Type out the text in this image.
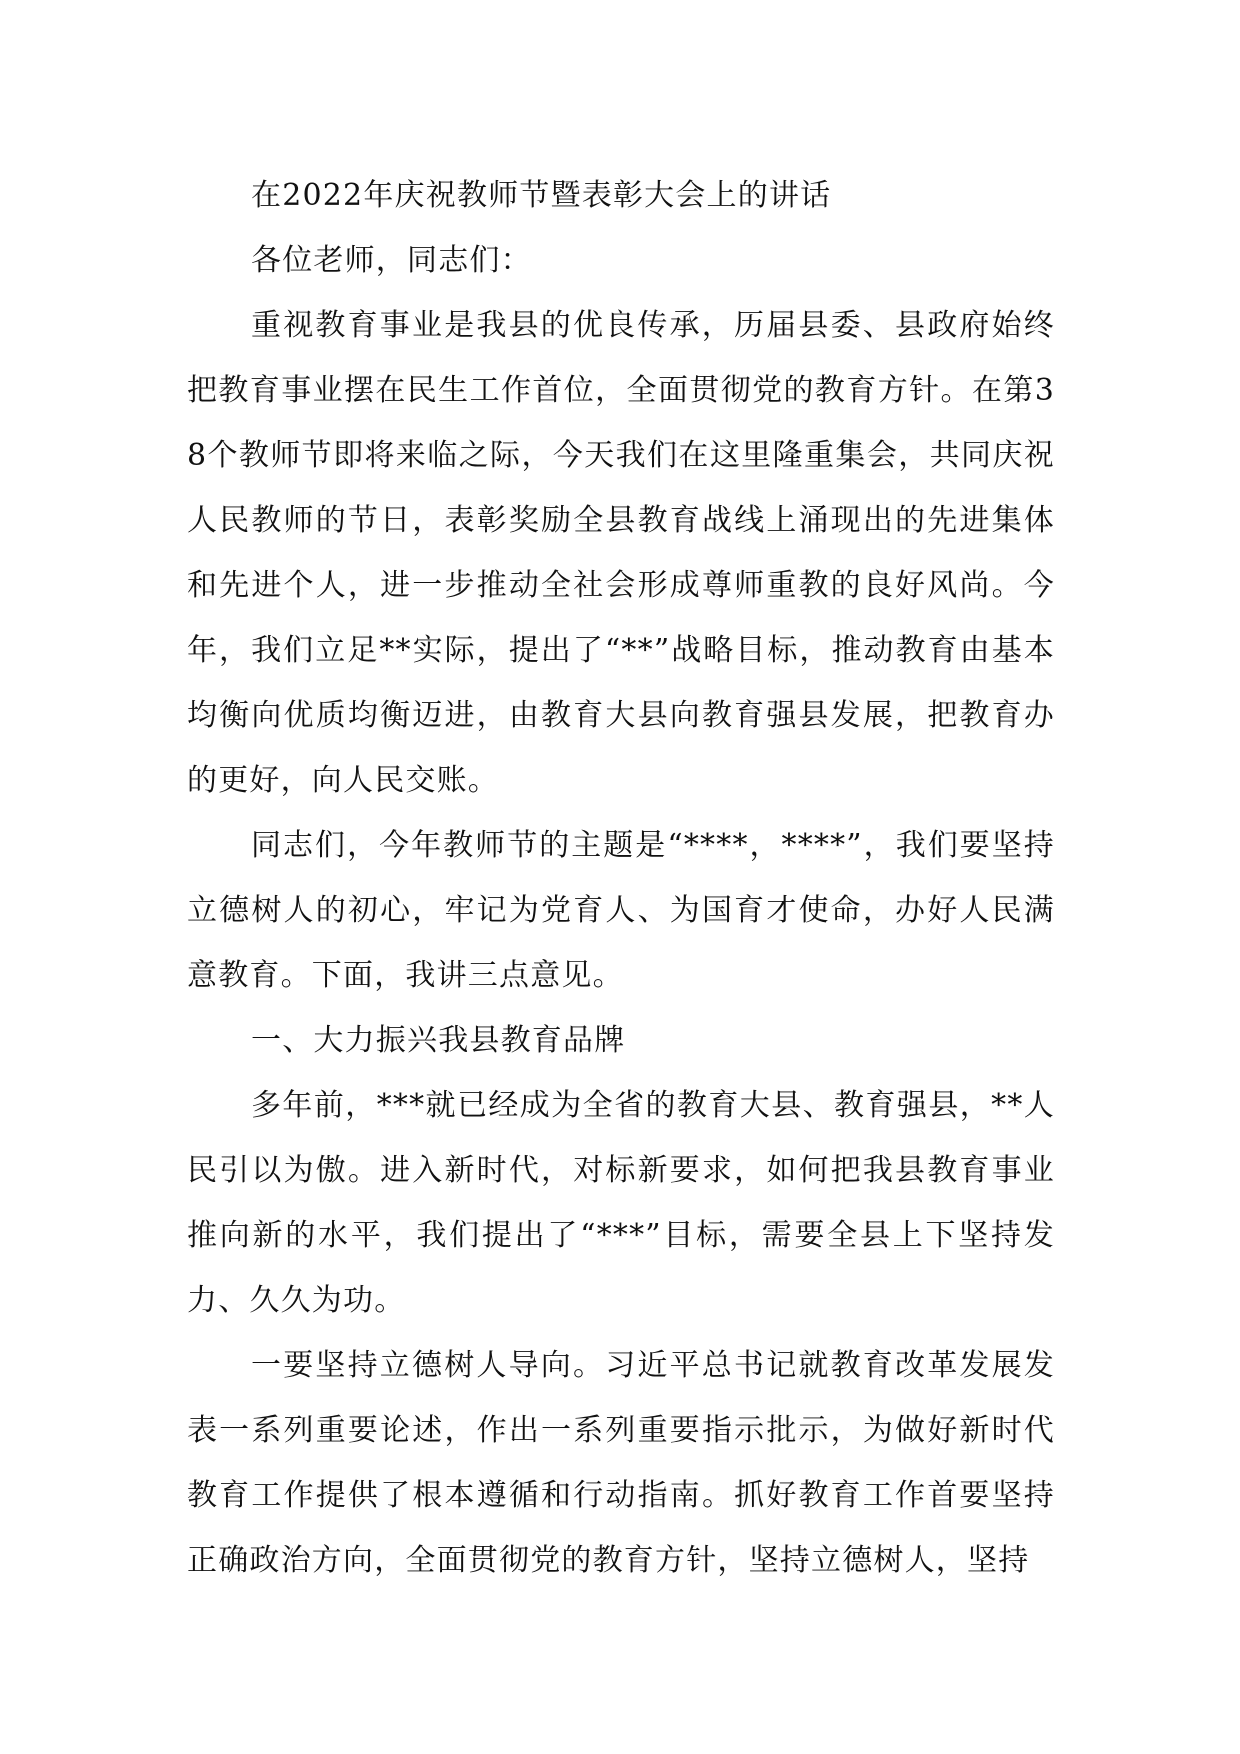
在2022年庆祝教师节暨表彰大会上的讲话

各位老师，同志们：

重视教育事业是我县的优良传承，历届县委、县政府始终把教育事业摆在民生工作首位，全面贯彻党的教育方针。在第38个教师节即将来临之际，今天我们在这里隆重集会，共同庆祝人民教师的节日，表彰奖励全县教育战线上涌现出的先进集体和先进个人，进一步推动全社会形成尊师重教的良好风尚。今年，我们立足**实际，提出了“**”战略目标，推动教育由基本均衡向优质均衡迈进，由教育大县向教育强县发展，把教育办的更好，向人民交账。

同志们，今年教师节的主题是“****，****”，我们要坚持立德树人的初心，牢记为党育人、为国育才使命，办好人民满意教育。下面，我讲三点意见。

一、大力振兴我县教育品牌

多年前，***就已经成为全省的教育大县、教育强县，**人民引以为傲。进入新时代，对标新要求，如何把我县教育事业推向新的水平，我们提出了“***”目标，需要全县上下坚持发力、久久为功。

一要坚持立德树人导向。习近平总书记就教育改革发展发表一系列重要论述，作出一系列重要指示批示，为做好新时代教育工作提供了根本遵循和行动指南。抓好教育工作首要坚持正确政治方向，全面贯彻党的教育方针，坚持立德树人，坚持
